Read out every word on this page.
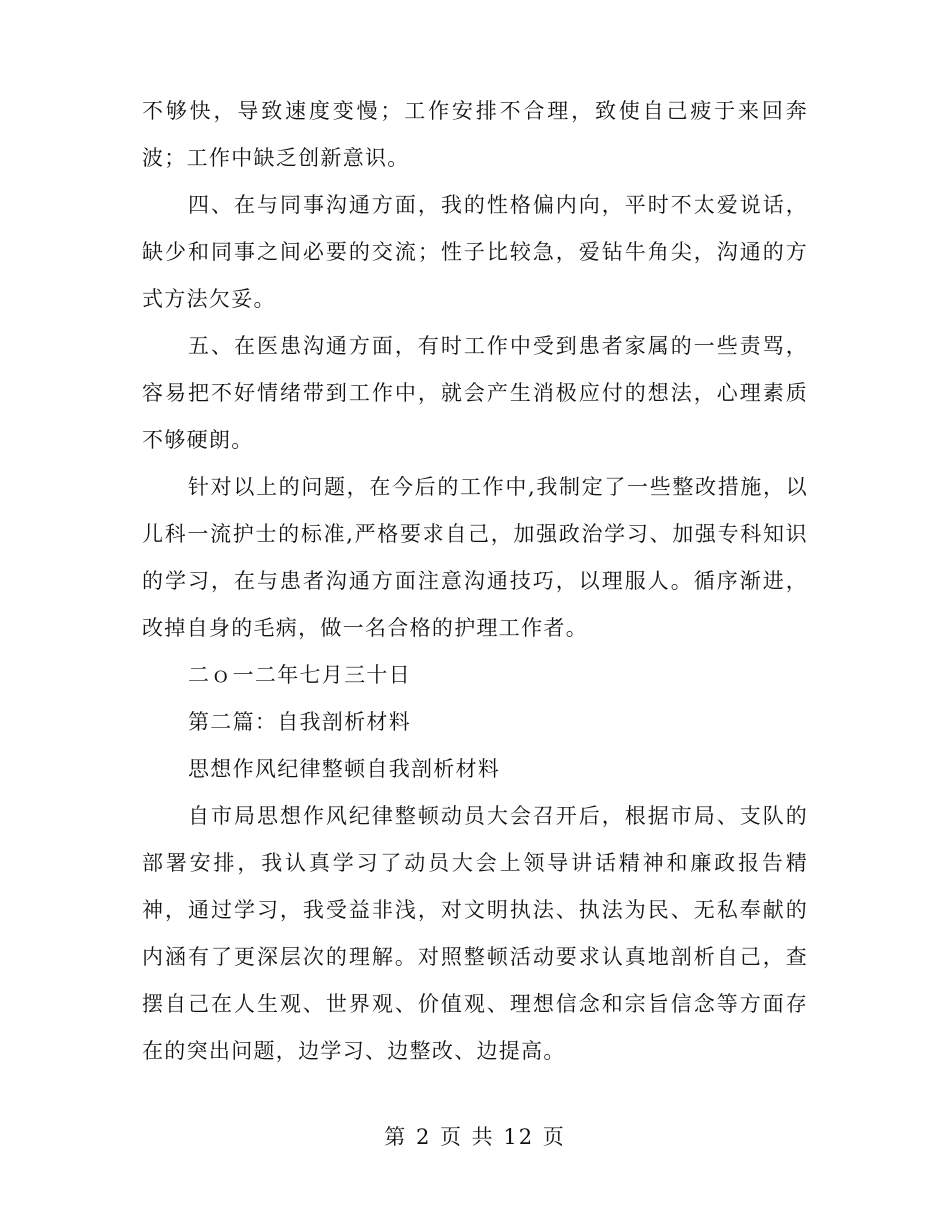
不够快，导致速度变慢；工作安排不合理，致使自己疲于来回奔波；工作中缺乏创新意识。

四、在与同事沟通方面，我的性格偏内向，平时不太爱说话，缺少和同事之间必要的交流；性子比较急，爱钻牛角尖，沟通的方式方法欠妥。

五、在医患沟通方面，有时工作中受到患者家属的一些责骂，容易把不好情绪带到工作中，就会产生消极应付的想法，心理素质不够硬朗。

针对以上的问题，在今后的工作中,我制定了一些整改措施，以儿科一流护士的标准,严格要求自己，加强政治学习、加强专科知识的学习，在与患者沟通方面注意沟通技巧，以理服人。循序渐进，改掉自身的毛病，做一名合格的护理工作者。

二ｏ一二年七月三十日

第二篇：自我剖析材料

思想作风纪律整顿自我剖析材料

自市局思想作风纪律整顿动员大会召开后，根据市局、支队的部署安排，我认真学习了动员大会上领导讲话精神和廉政报告精神，通过学习，我受益非浅，对文明执法、执法为民、无私奉献的内涵有了更深层次的理解。对照整顿活动要求认真地剖析自己，查摆自己在人生观、世界观、价值观、理想信念和宗旨信念等方面存在的突出问题，边学习、边整改、边提高。

第 2 页 共 12 页
